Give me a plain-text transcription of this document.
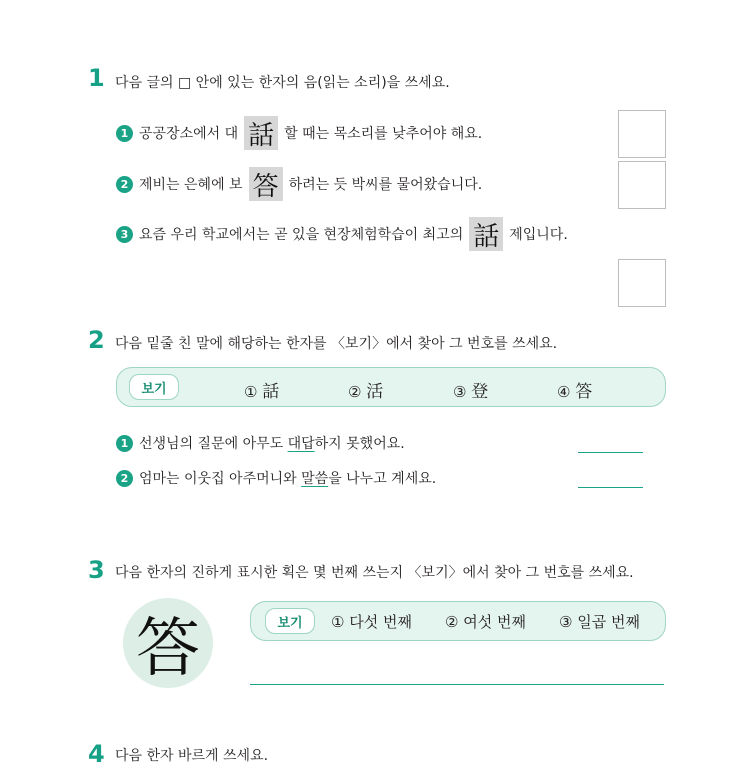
1 다음 글의 □ 안에 있는 한자의 음(읽는 소리)을 쓰세요.
1 공공장소에서 대 話 할 때는 목소리를 낮추어야 해요.
2 제비는 은혜에 보 答 하려는 듯 박씨를 물어왔습니다.
3 요즘 우리 학교에서는 곧 있을 현장체험학습이 최고의 話 제입니다.
2 다음 밑줄 친 말에 해당하는 한자를 〈보기〉에서 찾아 그 번호를 쓰세요.
보기	① 話	② 活	③ 登	④ 答
1 선생님의 질문에 아무도 대답 하지 못했어요.
2 엄마는 이웃집 아주머니와 말씀 을 나누고 계세요.
3 다음 한자의 진하게 표시한 획은 몇 번째 쓰는지 〈보기〉에서 찾아 그 번호를 쓰세요.
答	보기	① 다섯 번째 ② 여섯 번째 ③ 일곱 번째
4 다음 한자 바르게 쓰세요.
